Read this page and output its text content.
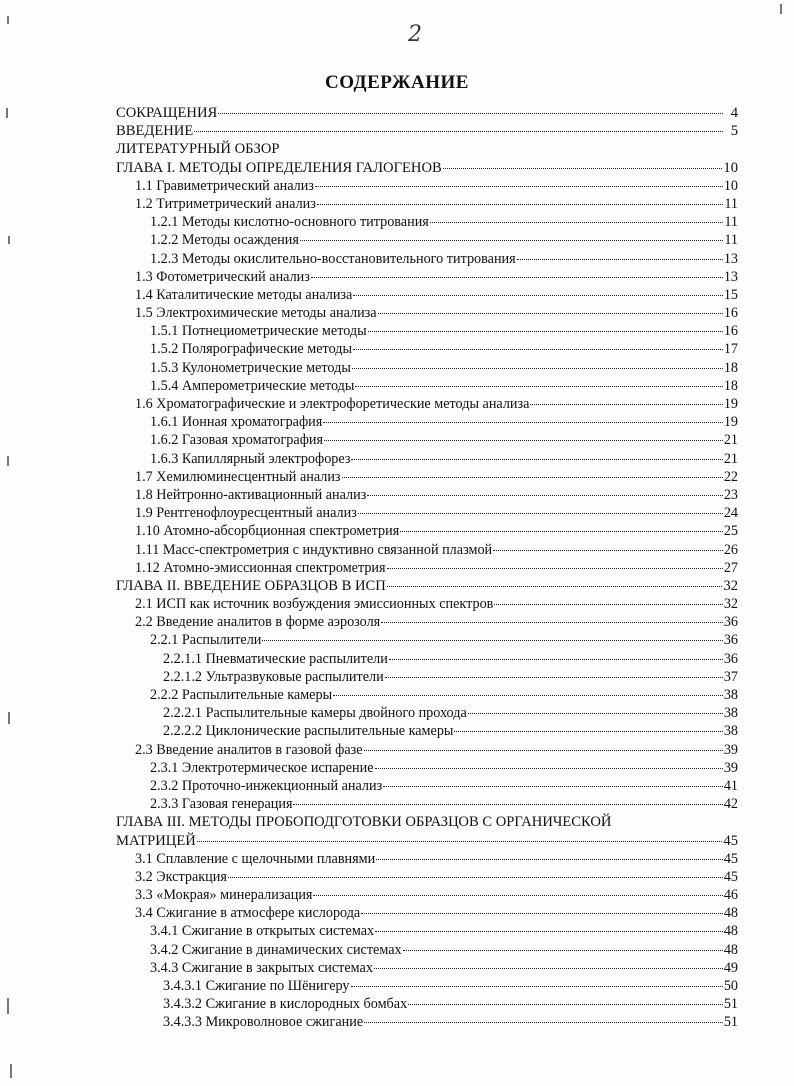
2
СОДЕРЖАНИЕ
СОКРАЩЕНИЯ	4
ВВЕДЕНИЕ	5
ЛИТЕРАТУРНЫЙ ОБЗОР
ГЛАВА I. МЕТОДЫ ОПРЕДЕЛЕНИЯ ГАЛОГЕНОВ	10
1.1 Гравиметрический анализ	10
1.2 Титриметрический анализ	11
1.2.1 Методы кислотно-основного титрования	11
1.2.2 Методы осаждения	11
1.2.3 Методы окислительно-восстановительного титрования	13
1.3 Фотометрический анализ	13
1.4 Каталитические методы анализа	15
1.5 Электрохимические методы анализа	16
1.5.1 Потнециометрические методы	16
1.5.2 Полярографические методы	17
1.5.3 Кулонометрические методы	18
1.5.4 Амперометрические методы	18
1.6 Хроматографические и электрофоретические методы анализа	19
1.6.1 Ионная хроматография	19
1.6.2 Газовая хроматография	21
1.6.3 Капиллярный электрофорез	21
1.7 Хемилюминесцентный анализ	22
1.8 Нейтронно-активационный анализ	23
1.9 Рентгенофлоуресцентный анализ	24
1.10 Атомно-абсорбционная спектрометрия	25
1.11 Масс-спектрометрия с индуктивно связанной плазмой	26
1.12 Атомно-эмиссионная спектрометрия	27
ГЛАВА II. ВВЕДЕНИЕ ОБРАЗЦОВ В ИСП	32
2.1 ИСП как источник возбуждения эмиссионных спектров	32
2.2 Введение аналитов в форме аэрозоля	36
2.2.1 Распылители	36
2.2.1.1 Пневматические распылители	36
2.2.1.2 Ультразвуковые распылители	37
2.2.2 Распылительные камеры	38
2.2.2.1 Распылительные камеры двойного прохода	38
2.2.2.2 Циклонические распылительные камеры	38
2.3 Введение аналитов в газовой фазе	39
2.3.1 Электротермическое испарение	39
2.3.2 Проточно-инжекционный анализ	41
2.3.3 Газовая генерация	42
ГЛАВА III. МЕТОДЫ ПРОБОПОДГОТОВКИ ОБРАЗЦОВ С ОРГАНИЧЕСКОЙ
МАТРИЦЕЙ	45
3.1 Сплавление с щелочными плавнями	45
3.2 Экстракция	45
3.3 «Мокрая» минерализация	46
3.4 Сжигание в атмосфере кислорода	48
3.4.1 Сжигание в открытых системах	48
3.4.2 Сжигание в динамических системах	48
3.4.3 Сжигание в закрытых системах	49
3.4.3.1 Сжигание по Шёнигеру	50
3.4.3.2 Сжигание в кислородных бомбах	51
3.4.3.3 Микроволновое сжигание	51
